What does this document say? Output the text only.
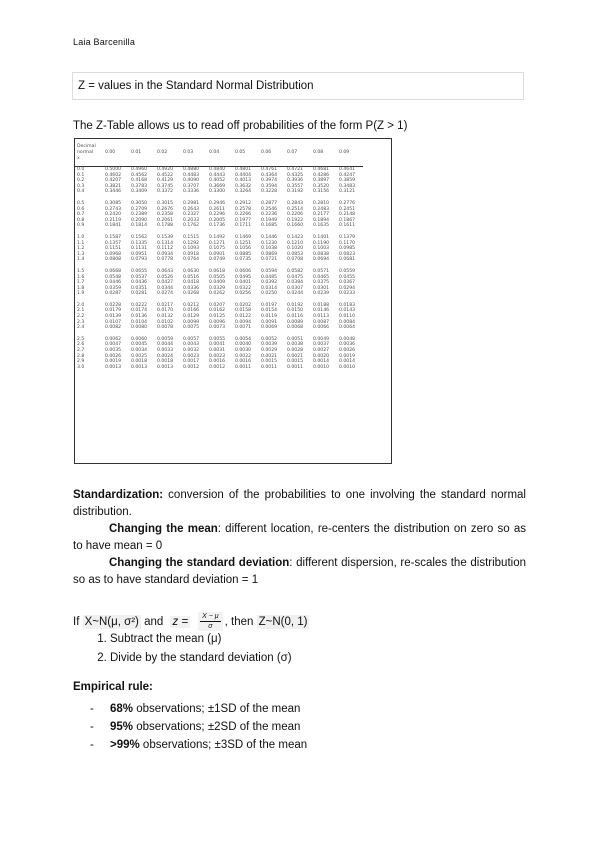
Laia Barcenilla
Z = values in the Standard Normal Distribution
The Z-Table allows us to read off probabilities of the form P(Z > 1)
Decimal
normal
x	0.00	0.01	0.02	0.03	0.04	0.05	0.06	0.07	0.08	0.09
0.0	0.5000	0.4960	0.4920	0.4880	0.4840	0.4801	0.4761	0.4721	0.4681	0.4641
0.1	0.4602	0.4562	0.4522	0.4483	0.4443	0.4404	0.4364	0.4325	0.4286	0.4247
0.2	0.4207	0.4168	0.4129	0.4090	0.4052	0.4013	0.3974	0.3936	0.3897	0.3859
0.3	0.3821	0.3783	0.3745	0.3707	0.3669	0.3632	0.3594	0.3557	0.3520	0.3483
0.4	0.3446	0.3409	0.3372	0.3336	0.3300	0.3264	0.3228	0.3192	0.3156	0.3121

0.5	0.3085	0.3050	0.3015	0.2981	0.2946	0.2912	0.2877	0.2843	0.2810	0.2776
0.6	0.2743	0.2709	0.2676	0.2643	0.2611	0.2578	0.2546	0.2514	0.2483	0.2451
0.7	0.2420	0.2389	0.2358	0.2327	0.2296	0.2266	0.2236	0.2206	0.2177	0.2148
0.8	0.2119	0.2090	0.2061	0.2033	0.2005	0.1977	0.1949	0.1922	0.1894	0.1867
0.9	0.1841	0.1814	0.1788	0.1762	0.1736	0.1711	0.1685	0.1660	0.1635	0.1611

1.0	0.1587	0.1562	0.1539	0.1515	0.1492	0.1469	0.1446	0.1423	0.1401	0.1379
1.1	0.1357	0.1335	0.1314	0.1292	0.1271	0.1251	0.1230	0.1210	0.1190	0.1170
1.2	0.1151	0.1131	0.1112	0.1093	0.1075	0.1056	0.1038	0.1020	0.1003	0.0985
1.3	0.0968	0.0951	0.0934	0.0918	0.0901	0.0885	0.0869	0.0853	0.0838	0.0823
1.4	0.0808	0.0793	0.0778	0.0764	0.0749	0.0735	0.0721	0.0708	0.0694	0.0681

1.5	0.0668	0.0655	0.0643	0.0630	0.0618	0.0606	0.0594	0.0582	0.0571	0.0559
1.6	0.0548	0.0537	0.0526	0.0516	0.0505	0.0495	0.0485	0.0475	0.0465	0.0455
1.7	0.0446	0.0436	0.0427	0.0418	0.0409	0.0401	0.0392	0.0384	0.0375	0.0367
1.8	0.0359	0.0351	0.0344	0.0336	0.0329	0.0322	0.0314	0.0307	0.0301	0.0294
1.9	0.0287	0.0281	0.0274	0.0268	0.0262	0.0256	0.0250	0.0244	0.0239	0.0233

2.0	0.0228	0.0222	0.0217	0.0212	0.0207	0.0202	0.0197	0.0192	0.0188	0.0183
2.1	0.0179	0.0174	0.0170	0.0166	0.0162	0.0158	0.0154	0.0150	0.0146	0.0143
2.2	0.0139	0.0136	0.0132	0.0129	0.0125	0.0122	0.0119	0.0116	0.0113	0.0110
2.3	0.0107	0.0104	0.0102	0.0099	0.0096	0.0094	0.0091	0.0089	0.0087	0.0084
2.4	0.0082	0.0080	0.0078	0.0075	0.0073	0.0071	0.0069	0.0068	0.0066	0.0064

2.5	0.0062	0.0060	0.0059	0.0057	0.0055	0.0054	0.0052	0.0051	0.0049	0.0048
2.6	0.0047	0.0045	0.0044	0.0043	0.0041	0.0040	0.0039	0.0038	0.0037	0.0036
2.7	0.0035	0.0034	0.0033	0.0032	0.0031	0.0030	0.0029	0.0028	0.0027	0.0026
2.8	0.0026	0.0025	0.0024	0.0023	0.0023	0.0022	0.0021	0.0021	0.0020	0.0019
2.9	0.0019	0.0018	0.0018	0.0017	0.0016	0.0016	0.0015	0.0015	0.0014	0.0014
3.0	0.0013	0.0013	0.0013	0.0012	0.0012	0.0011	0.0011	0.0011	0.0010	0.0010

Standardization: conversion of the probabilities to one involving the standard normal distribution.

Changing the mean: different location, re-centers the distribution on zero so as to have mean = 0

Changing the standard deviation: different dispersion, re-scales the distribution so as to have standard deviation = 1

If X~N(μ, σ²) and $z = \frac{X - \mu}{\sigma}$ , then Z~N(0, 1)
1. Subtract the mean (μ)
2. Divide by the standard deviation (σ)
Empirical rule:
- 68% observations; ±1SD of the mean
- 95% observations; ±2SD of the mean
- >99% observations; ±3SD of the mean
